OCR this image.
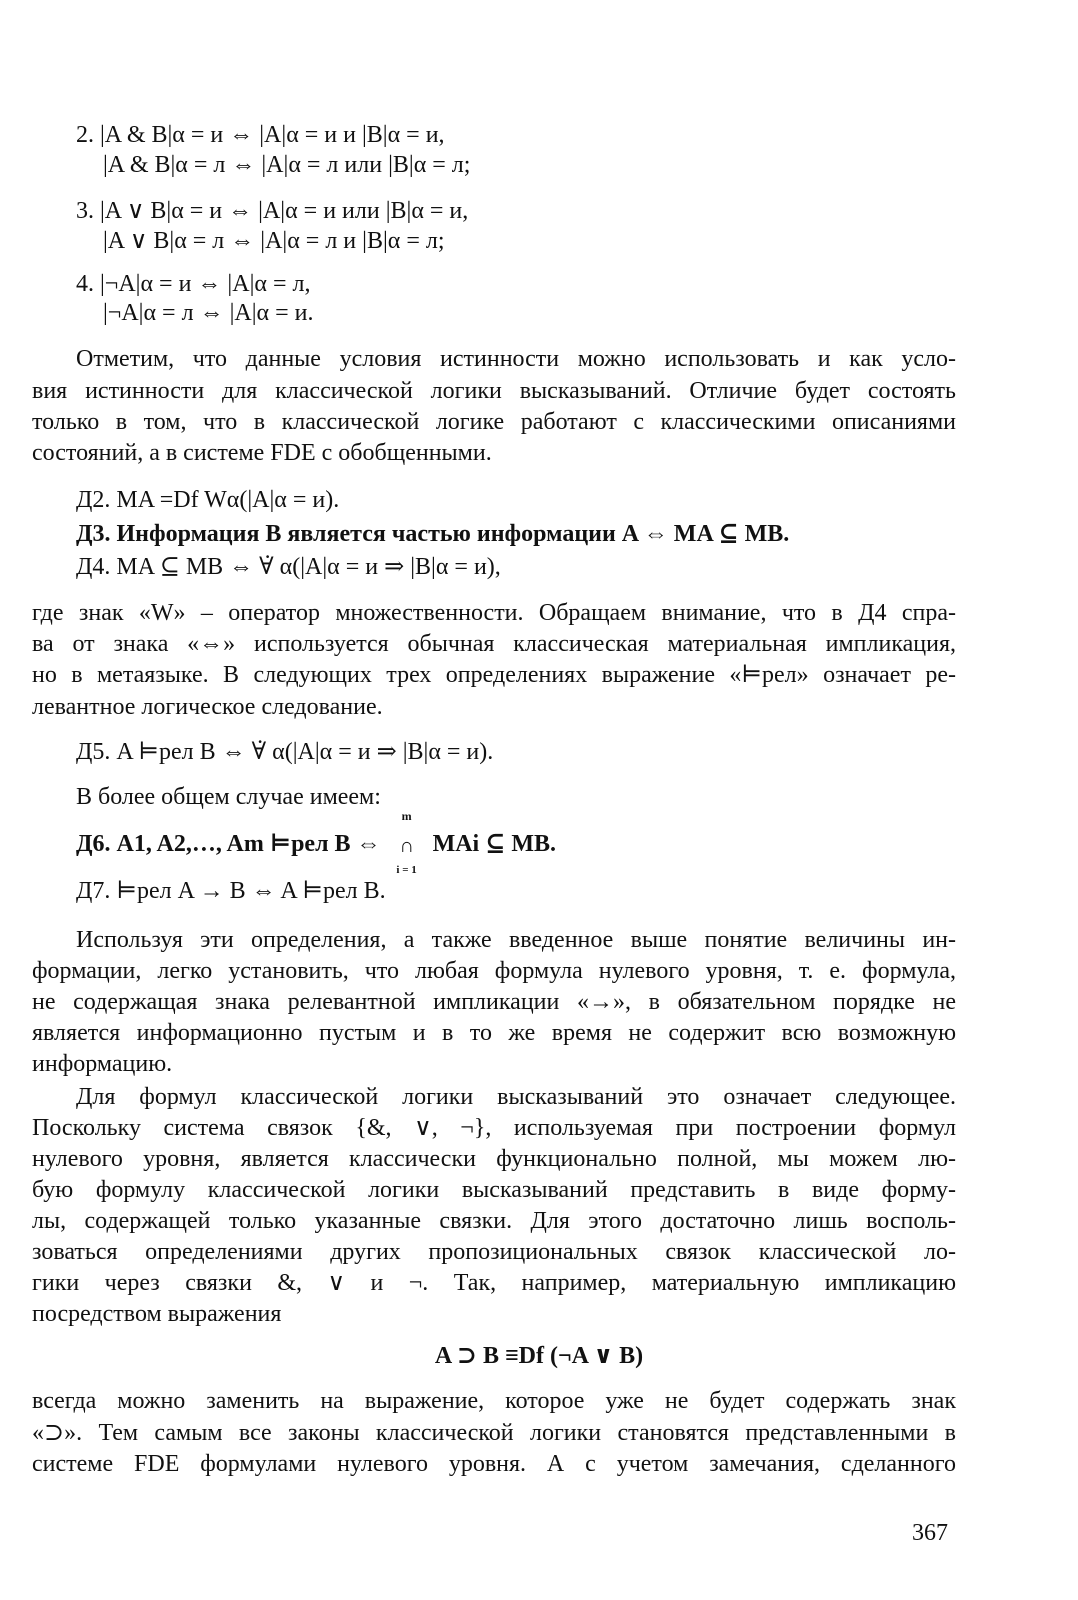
2. |A & B|α = и ⇔ |A|α = и и |B|α = и,
|A & B|α = л ⇔ |A|α = л или |B|α = л;
3. |A ∨ B|α = и ⇔ |A|α = и или |B|α = и,
|A ∨ B|α = л ⇔ |A|α = л и |B|α = л;
4. |¬A|α = и ⇔ |A|α = л,
|¬A|α = л ⇔ |A|α = и.
Отметим, что данные условия истинности можно использовать и как усло-
вия истинности для классической логики высказываний. Отличие будет состоять
только в том, что в классической логике работают с классическими описаниями
состояний, а в системе FDE с обобщенными.
Д2. MA =Df Wα(|A|α = и).
Д3. Информация B является частью информации A ⇔ MA ⊆ MB.
Д4. MA ⊆ MB ⇔ ∀̇ α(|A|α = и ⇒ |B|α = и),
где знак «W» – оператор множественности. Обращаем внимание, что в Д4 спра-
ва от знака «⇔» используется обычная классическая материальная импликация,
но в метаязыке. В следующих трех определениях выражение «⊨рел» означает ре-
левантное логическое следование.
Д5. A ⊨рел B ⇔ ∀̇ α(|A|α = и ⇒ |B|α = и).
В более общем случае имеем:
Д6. A1, A2,…, Am ⊨рел B ⇔
m
∩
i = 1
MAi ⊆ MB.
Д7. ⊨рел A → B ⇔ A ⊨рел B.
Используя эти определения, а также введенное выше понятие величины ин-
формации, легко установить, что любая формула нулевого уровня, т. е. формула,
не содержащая знака релевантной импликации «→», в обязательном порядке не
является информационно пустым и в то же время не содержит всю возможную
информацию.
Для формул классической логики высказываний это означает следующее.
Поскольку система связок {&, ∨, ¬}, используемая при построении формул
нулевого уровня, является классически функционально полной, мы можем лю-
бую формулу классической логики высказываний представить в виде форму-
лы, содержащей только указанные связки. Для этого достаточно лишь восполь-
зоваться определениями других пропозициональных связок классической ло-
гики через связки &, ∨ и ¬. Так, например, материальную импликацию
посредством выражения
A ⊃ B ≡Df (¬A ∨ B)
всегда можно заменить на выражение, которое уже не будет содержать знак
«⊃». Тем самым все законы классической логики становятся представленными в
системе FDE формулами нулевого уровня. А с учетом замечания, сделанного
367
